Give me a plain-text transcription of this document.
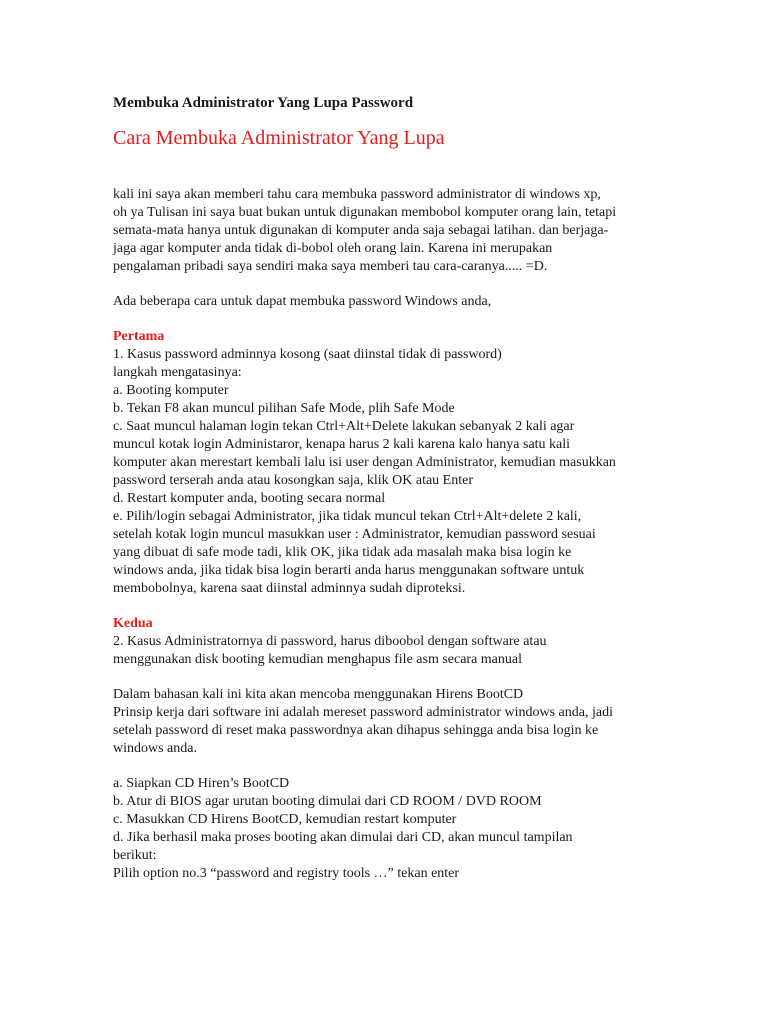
Membuka Administrator Yang Lupa Password

Cara Membuka Administrator Yang Lupa

kali ini saya akan memberi tahu cara membuka password administrator di windows xp,

oh ya Tulisan ini saya buat bukan untuk digunakan membobol komputer orang lain, tetapi

semata-mata hanya untuk digunakan di komputer anda saja sebagai latihan. dan berjaga-

jaga agar komputer anda tidak di-bobol oleh orang lain. Karena ini merupakan

pengalaman pribadi saya sendiri maka saya memberi tau cara-caranya..... =D.

Ada beberapa cara untuk dapat membuka password Windows anda,

Pertama

1. Kasus password adminnya kosong (saat diinstal tidak di password)

langkah mengatasinya:

a. Booting komputer

b. Tekan F8 akan muncul pilihan Safe Mode, plih Safe Mode

c. Saat muncul halaman login tekan Ctrl+Alt+Delete lakukan sebanyak 2 kali agar

muncul kotak login Administaror, kenapa harus 2 kali karena kalo hanya satu kali

komputer akan merestart kembali lalu isi user dengan Administrator, kemudian masukkan

password terserah anda atau kosongkan saja, klik OK atau Enter

d. Restart komputer anda, booting secara normal

e. Pilih/login sebagai Administrator, jika tidak muncul tekan Ctrl+Alt+delete 2 kali,

setelah kotak login muncul masukkan user : Administrator, kemudian password sesuai

yang dibuat di safe mode tadi, klik OK, jika tidak ada masalah maka bisa login ke

windows anda, jika tidak bisa login berarti anda harus menggunakan software untuk

membobolnya, karena saat diinstal adminnya sudah diproteksi.

Kedua

2. Kasus Administratornya di password, harus diboobol dengan software atau

menggunakan disk booting kemudian menghapus file asm secara manual

Dalam bahasan kali ini kita akan mencoba menggunakan Hirens BootCD

Prinsip kerja dari software ini adalah mereset password administrator windows anda, jadi

setelah password di reset maka passwordnya akan dihapus sehingga anda bisa login ke

windows anda.

a. Siapkan CD Hiren’s BootCD

b. Atur di BIOS agar urutan booting dimulai dari CD ROOM / DVD ROOM

c. Masukkan CD Hirens BootCD, kemudian restart komputer

d. Jika berhasil maka proses booting akan dimulai dari CD, akan muncul tampilan

berikut:

Pilih option no.3 “password and registry tools …” tekan enter
